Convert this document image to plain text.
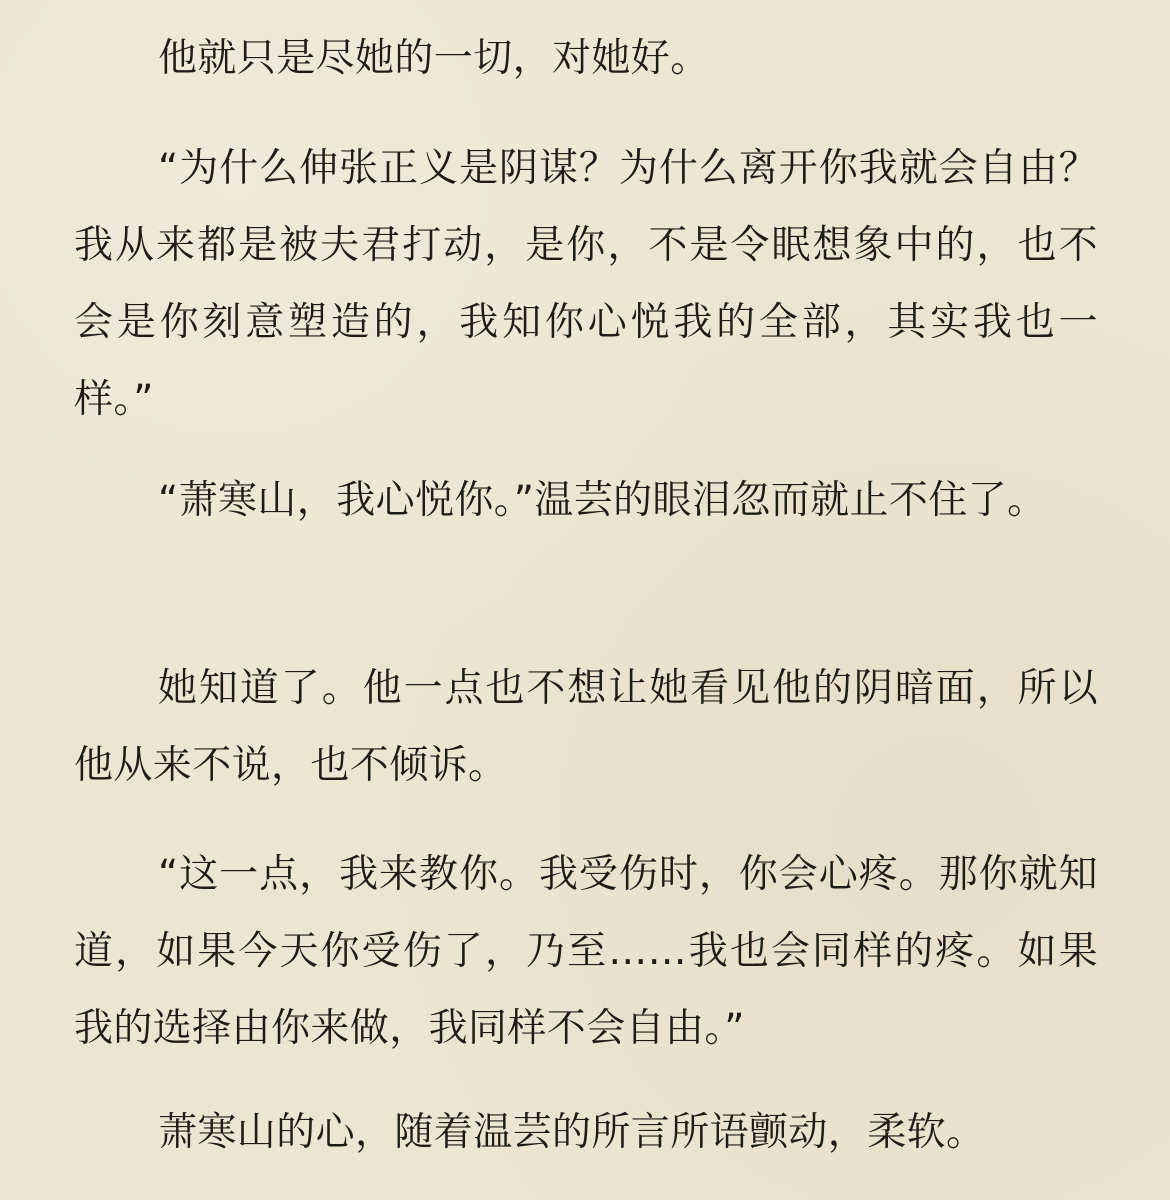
他就只是尽她的一切，对她好。

“为什么伸张正义是阴谋？为什么离开你我就会自由？我从来都是被夫君打动，是你，不是令眠想象中的，也不会是你刻意塑造的，我知你心悦我的全部，其实我也一样。”

“萧寒山，我心悦你。”温芸的眼泪忽而就止不住了。

她知道了。他一点也不想让她看见他的阴暗面，所以他从来不说，也不倾诉。

“这一点，我来教你。我受伤时，你会心疼。那你就知道，如果今天你受伤了，乃至……我也会同样的疼。如果我的选择由你来做，我同样不会自由。”

萧寒山的心，随着温芸的所言所语颤动，柔软。
